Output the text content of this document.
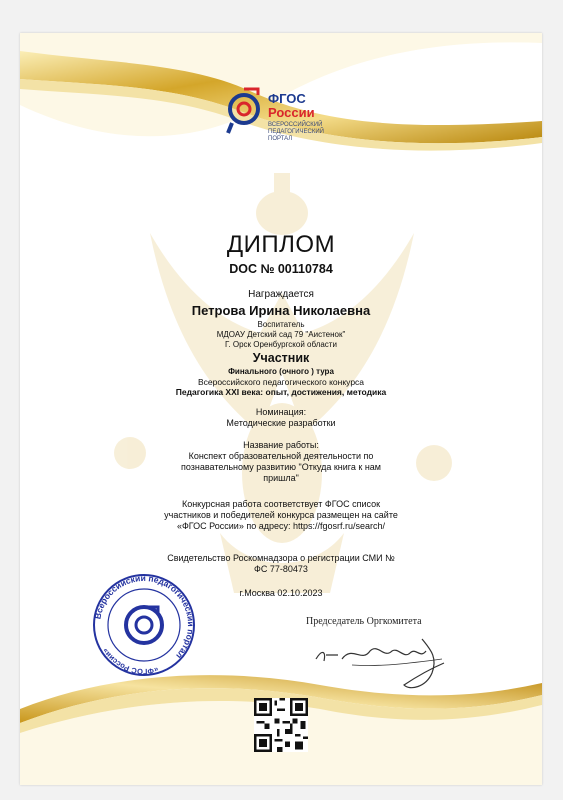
ФГОС
России
ВСЕРОССИЙСКИЙ ПЕДАГОГИЧЕСКИЙ ПОРТАЛ
ДИПЛОМ
DOC № 00110784
Награждается
Петрова Ирина Николаевна
Воспитатель
МДОАУ Детский сад 79 "Аистенок"
Г. Орск Оренбургской области
Участник
Финального (очного ) тура
Всероссийского педагогического конкурса
Педагогика XXI века: опыт, достижения, методика
Номинация:
Методические разработки
Название работы:
Конспект образовательной деятельности по познавательному развитию "Откуда книга к нам пришла"
Конкурсная работа соответствует ФГОС список участников и победителей конкурса размещен на сайте «ФГОС России» по адресу: https://fgosrf.ru/search/
Свидетельство Роскомнадзора о регистрации СМИ № ФС 77-80473
г.Москва 02.10.2023
Всероссийский педагогический портал
«ФГОС России»
Председатель Оргкомитета
